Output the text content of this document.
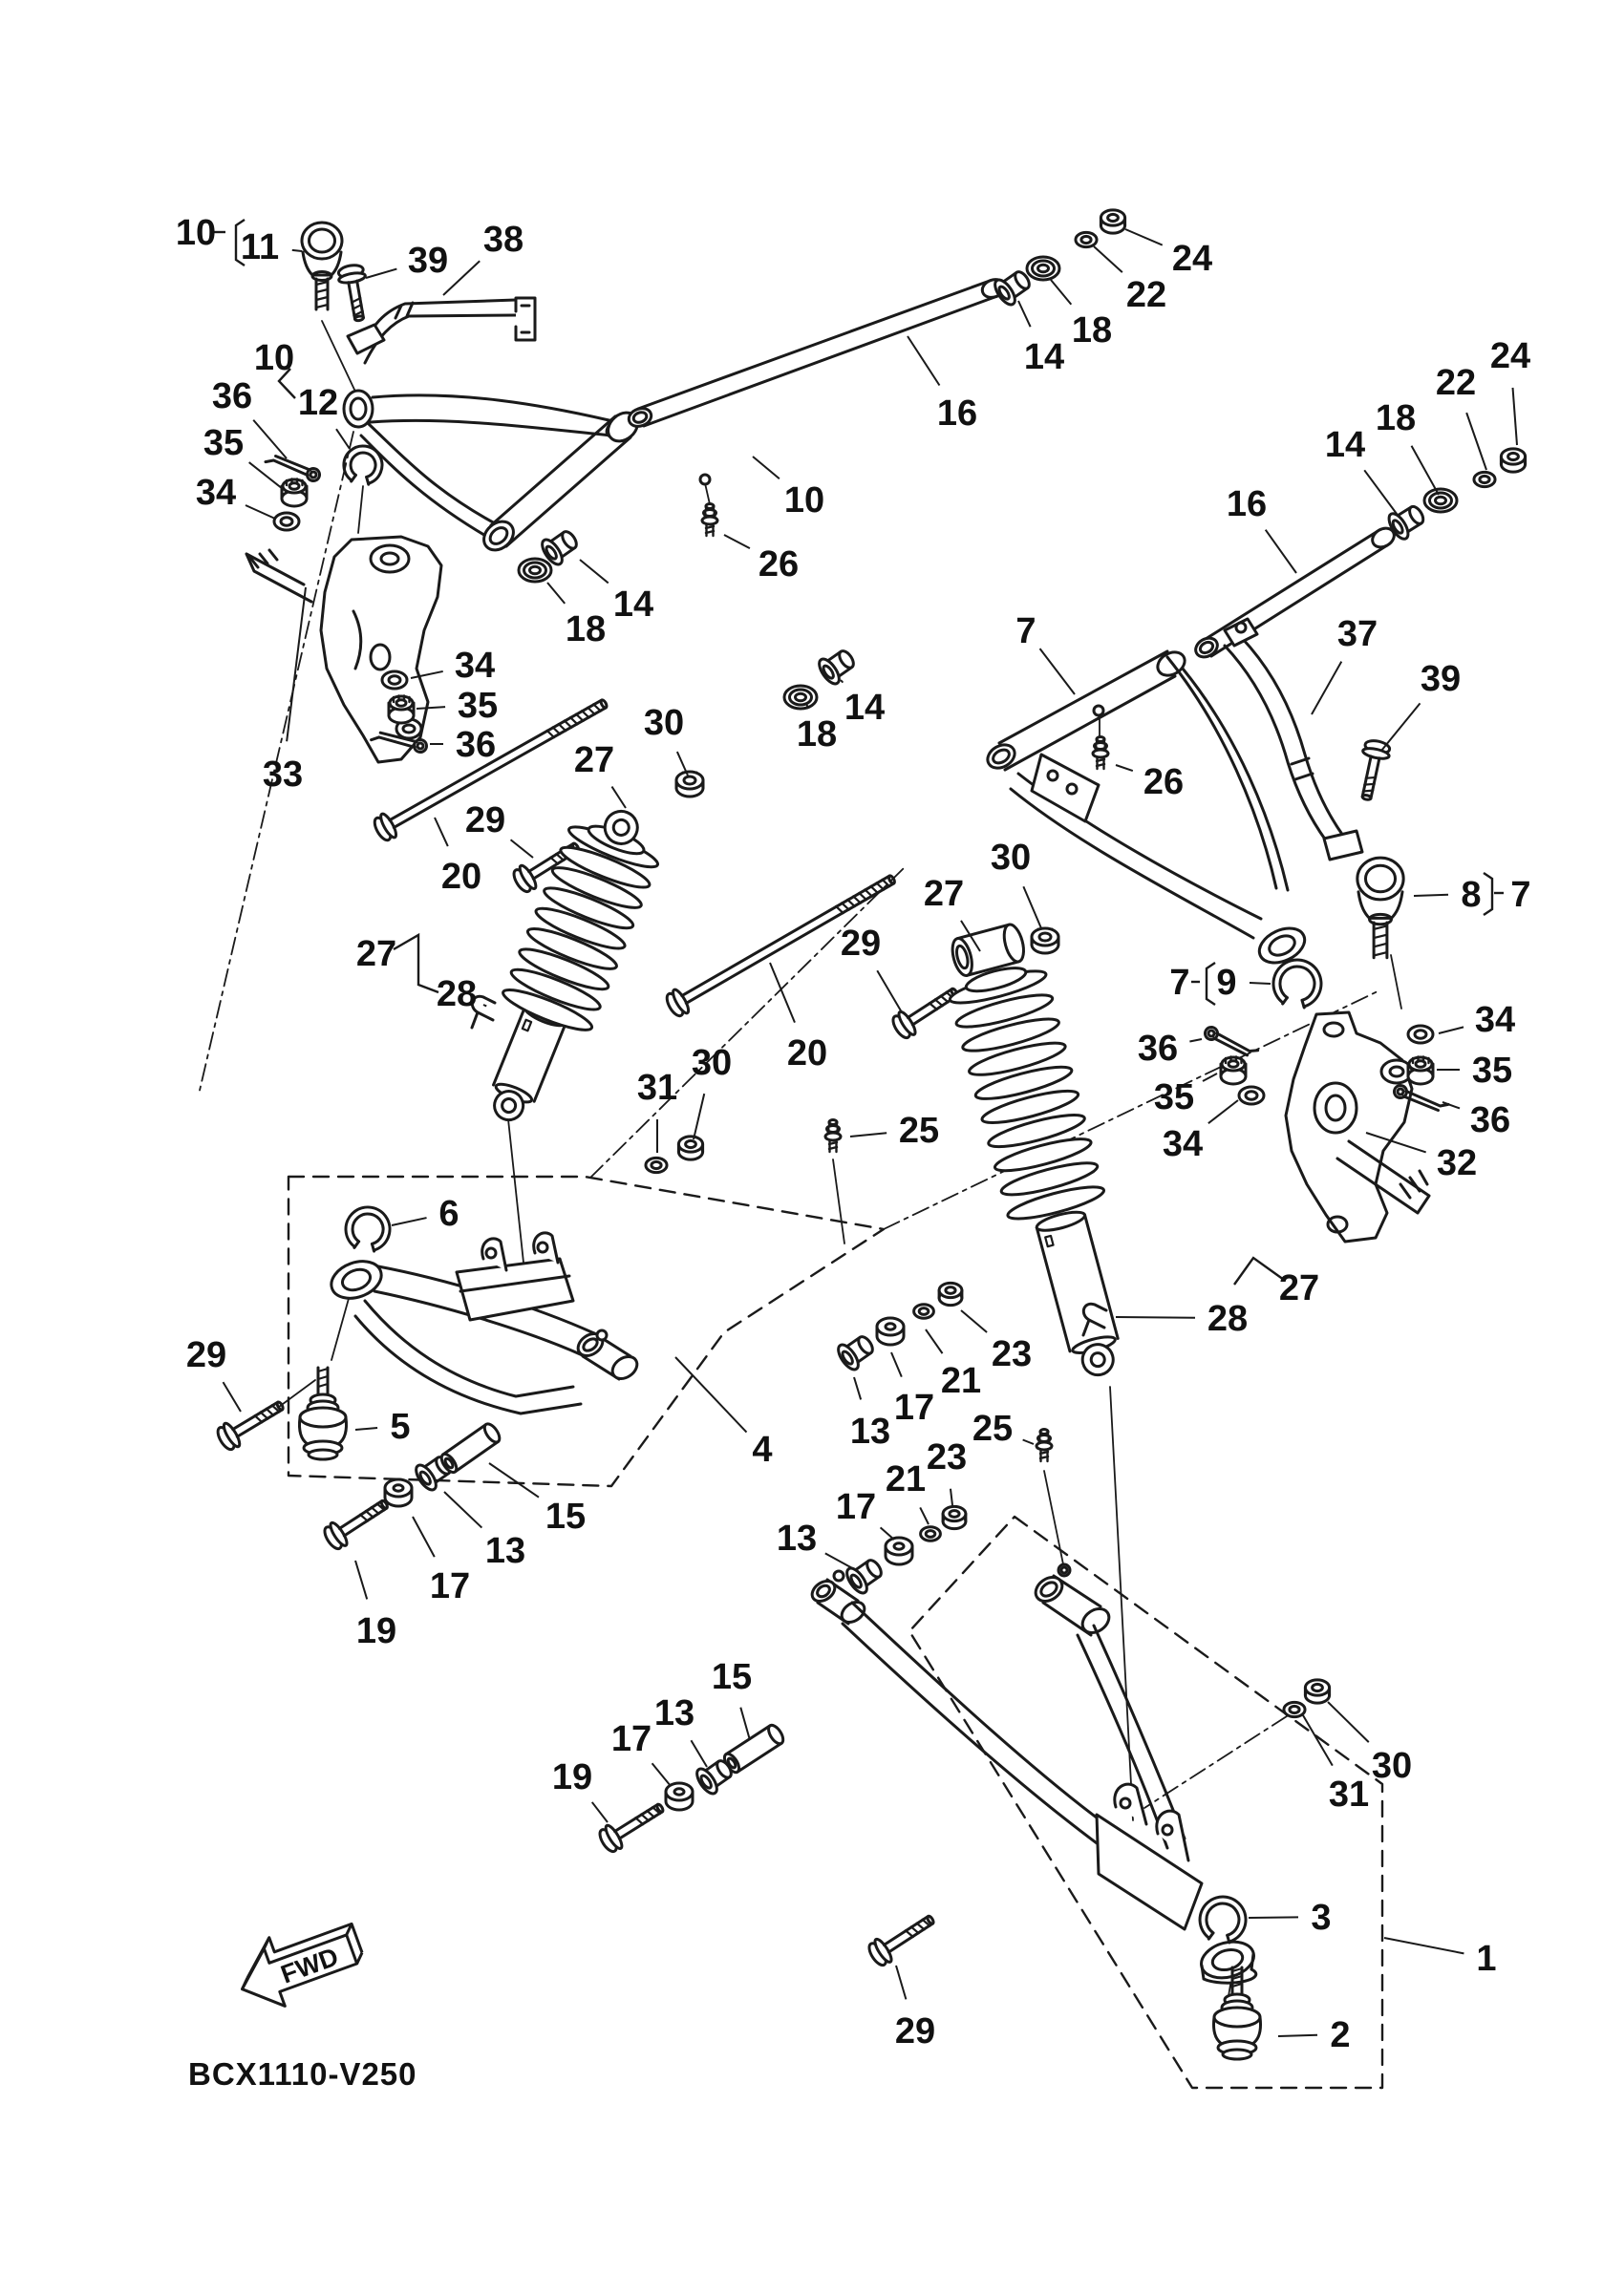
10 11	39
38
10
12
36
35
34
33
16
10
26
14
18
14
18
22
24
24
22
18
14
16
7	37
39
26
8 7
7 9
14
18
34
35
36
30
27
29
20
27
28
30
31
25
6
5
29
15
13
17
19
30
27
29
20	36
35
34
34
35
36
32
27
28
4 13
17
21
23
25
21
23
17
13
15
13
17
19
29
30
31
3
2
1
FWD
BCX1110-V250
